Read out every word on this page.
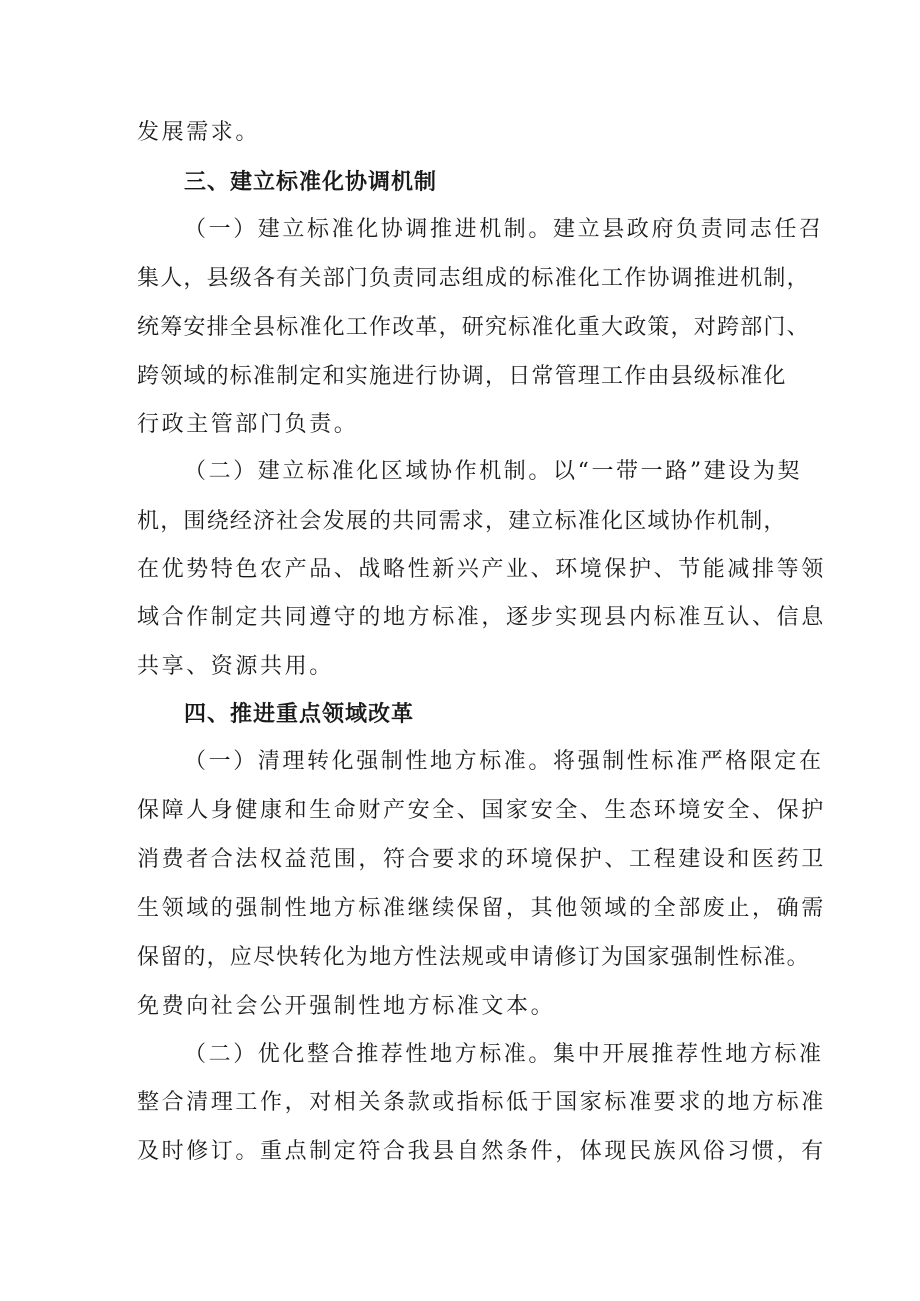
发展需求。
三、建立标准化协调机制
（一）建立标准化协调推进机制。建立县政府负责同志任召
集人，县级各有关部门负责同志组成的标准化工作协调推进机制，
统筹安排全县标准化工作改革，研究标准化重大政策，对跨部门、
跨领域的标准制定和实施进行协调，日常管理工作由县级标准化
行政主管部门负责。
（二）建立标准化区域协作机制。以“一带一路”建设为契
机，围绕经济社会发展的共同需求，建立标准化区域协作机制，
在优势特色农产品、战略性新兴产业、环境保护、节能减排等领
域合作制定共同遵守的地方标准，逐步实现县内标准互认、信息
共享、资源共用。
四、推进重点领域改革
（一）清理转化强制性地方标准。将强制性标准严格限定在
保障人身健康和生命财产安全、国家安全、生态环境安全、保护
消费者合法权益范围，符合要求的环境保护、工程建设和医药卫
生领域的强制性地方标准继续保留，其他领域的全部废止，确需
保留的，应尽快转化为地方性法规或申请修订为国家强制性标准。
免费向社会公开强制性地方标准文本。
（二）优化整合推荐性地方标准。集中开展推荐性地方标准
整合清理工作，对相关条款或指标低于国家标准要求的地方标准
及时修订。重点制定符合我县自然条件，体现民族风俗习惯，有
